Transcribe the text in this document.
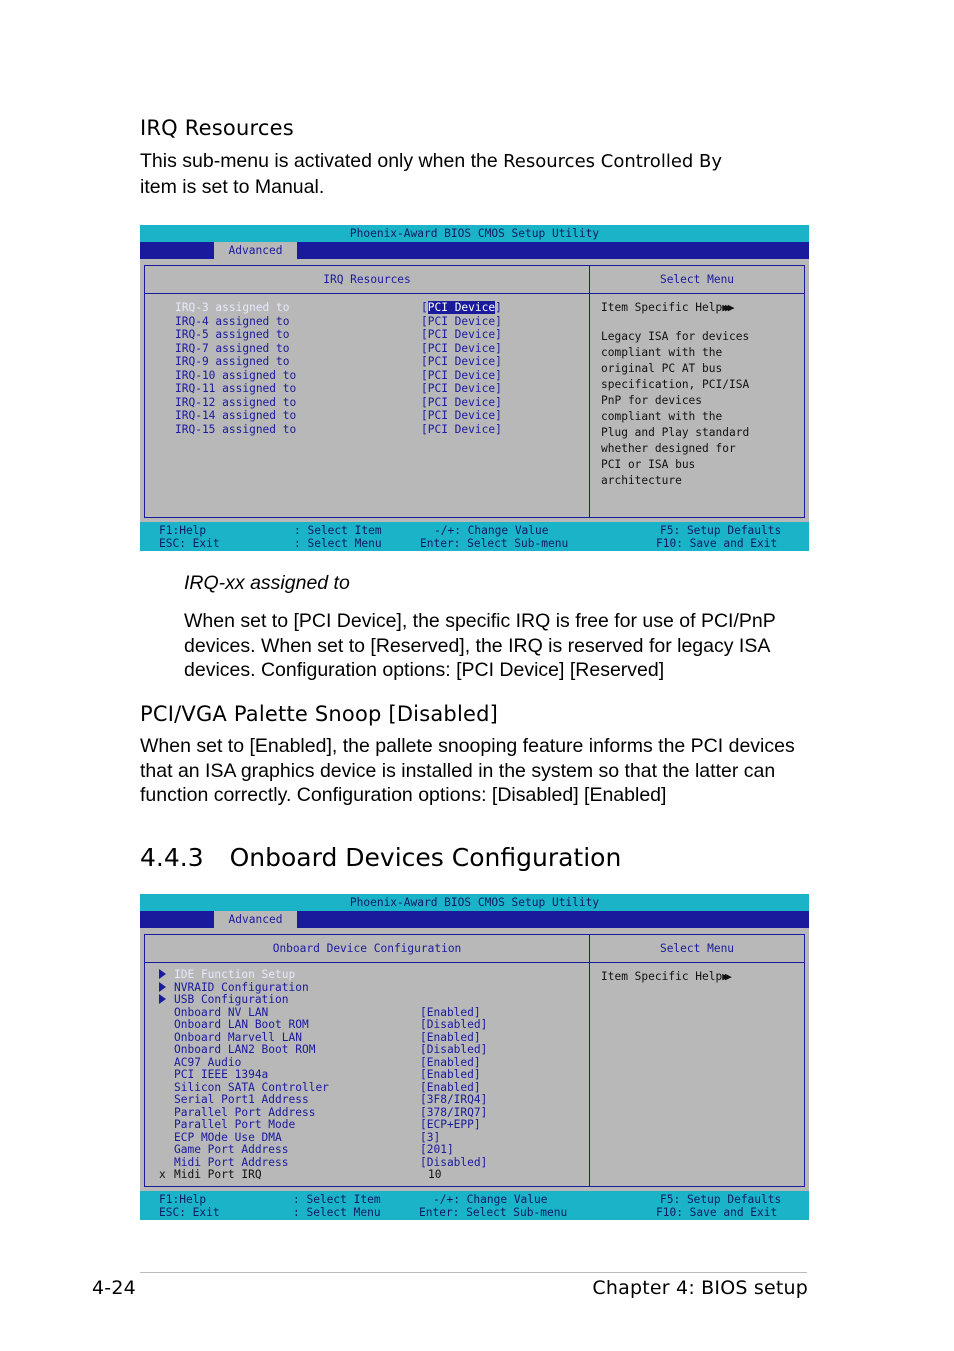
IRQ Resources
This sub-menu is activated only when the Resources Controlled By
item is set to Manual.
Phoenix-Award BIOS CMOS Setup Utility
Advanced
IRQ Resources
IRQ-3 assigned to	[PCI Device]
IRQ-4 assigned to	[PCI Device]
IRQ-5 assigned to	[PCI Device]
IRQ-7 assigned to	[PCI Device]
IRQ-9 assigned to	[PCI Device]
IRQ-10 assigned to	[PCI Device]
IRQ-11 assigned to	[PCI Device]
IRQ-12 assigned to	[PCI Device]
IRQ-14 assigned to	[PCI Device]
IRQ-15 assigned to	[PCI Device]
Select Menu
Item Specific Help▶▶▶
Legacy ISA for devices
compliant with the
original PC AT bus
specification, PCI/ISA
PnP for devices
compliant with the
Plug and Play standard
whether designed for
PCI or ISA bus
architecture
F1:Help
ESC: Exit
: Select Item
: Select Menu
-/+: Change Value
Enter: Select Sub-menu
F5: Setup Defaults
F10: Save and Exit
IRQ-xx assigned to
When set to [PCI Device], the specific IRQ is free for use of PCI/PnP devices. When set to [Reserved], the IRQ is reserved for legacy ISA devices. Configuration options: [PCI Device] [Reserved]
PCI/VGA Palette Snoop [Disabled]
When set to [Enabled], the pallete snooping feature informs the PCI devices that an ISA graphics device is installed in the system so that the latter can function correctly. Configuration options: [Disabled] [Enabled]
4.4.3 Onboard Devices Configuration
Phoenix-Award BIOS CMOS Setup Utility
Advanced
Onboard Device Configuration
IDE Function Setup
NVRAID Configuration
USB Configuration
Onboard NV LAN	[Enabled]
Onboard LAN Boot ROM	[Disabled]
Onboard Marvell LAN	[Enabled]
Onboard LAN2 Boot ROM	[Disabled]
AC97 Audio	[Enabled]
PCI IEEE 1394a	[Enabled]
Silicon SATA Controller	[Enabled]
Serial Port1 Address	[3F8/IRQ4]
Parallel Port Address	[378/IRQ7]
Parallel Port Mode	[ECP+EPP]
ECP MOde Use DMA	[3]
Game Port Address	[201]
Midi Port Address	[Disabled]
x Midi Port IRQ	10
Select Menu
Item Specific Help▶▶
F1:Help
ESC: Exit
: Select Item
: Select Menu
-/+: Change Value
Enter: Select Sub-menu
F5: Setup Defaults
F10: Save and Exit
4-24	Chapter 4: BIOS setup
